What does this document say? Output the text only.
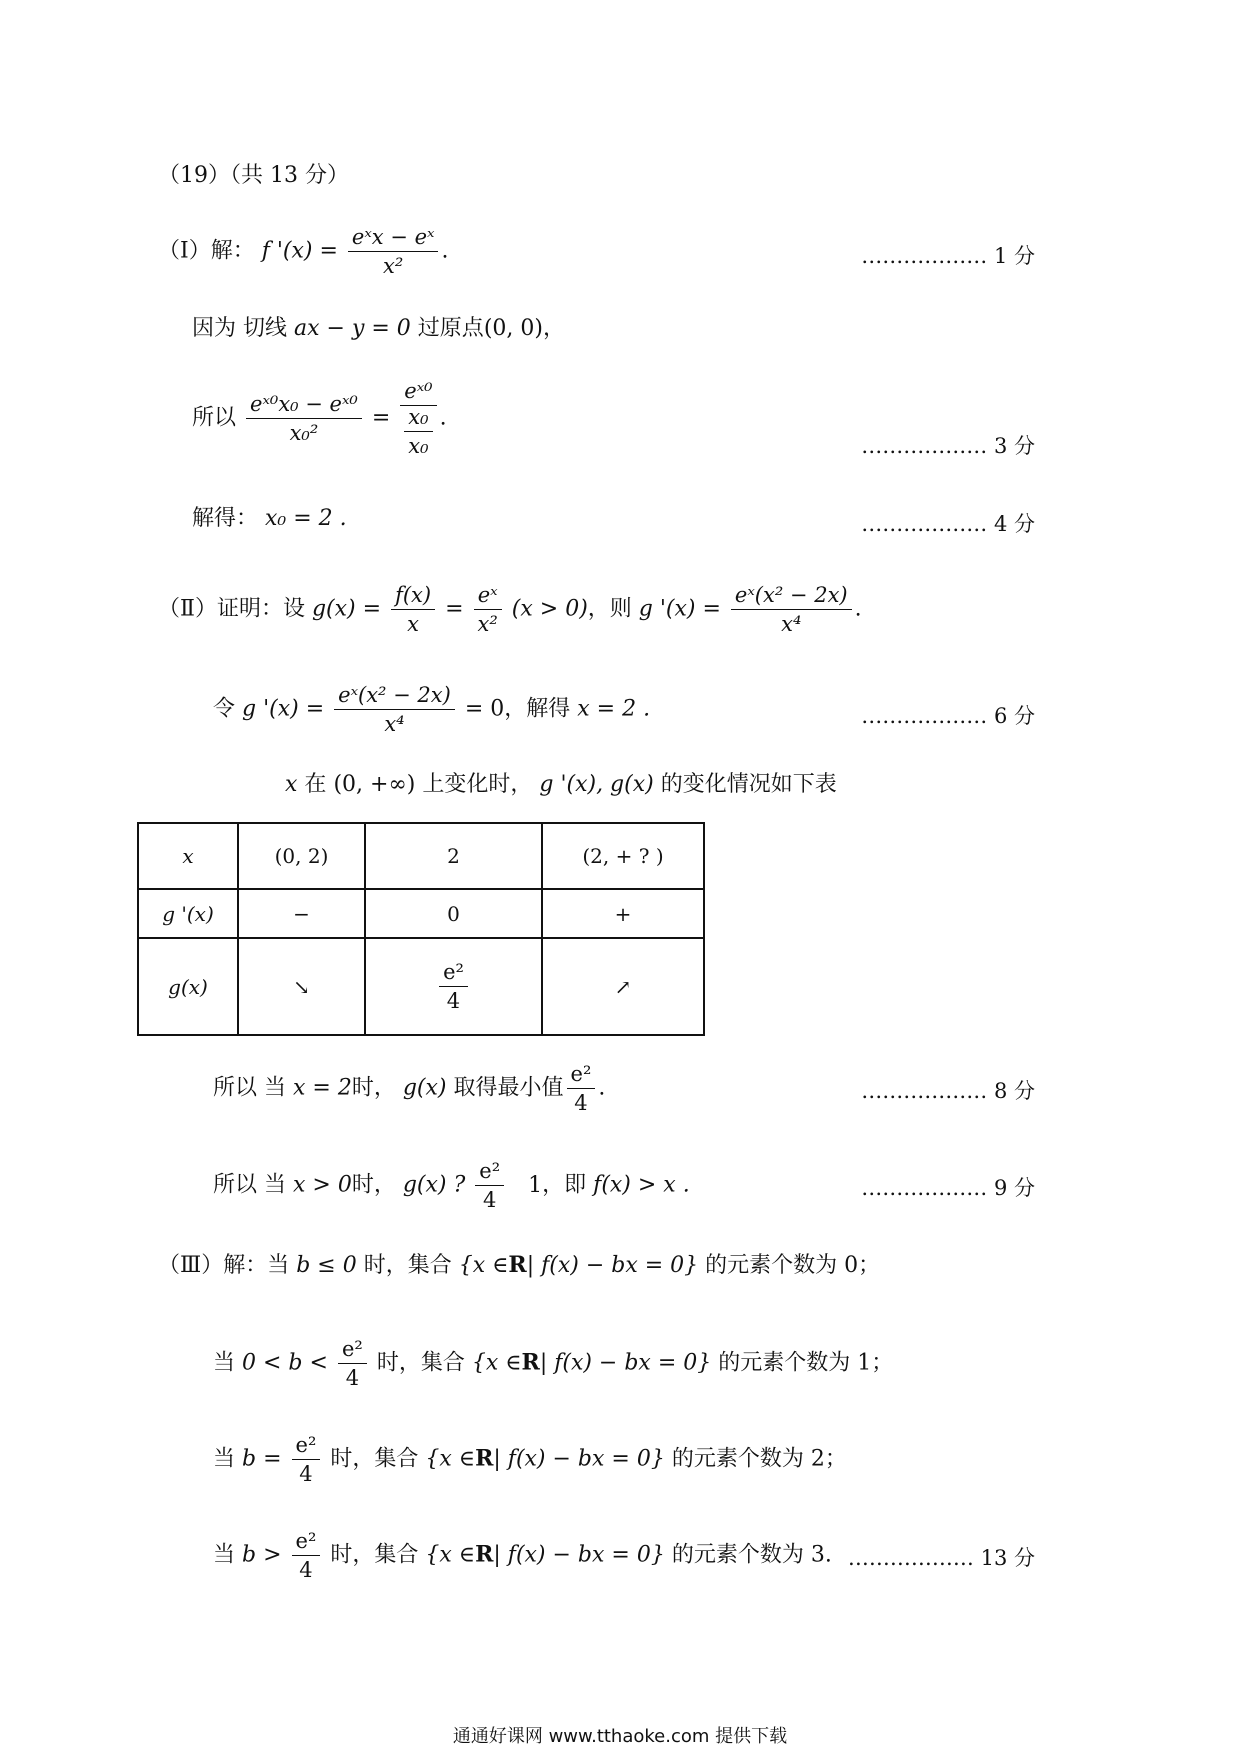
（19）（共 13 分）
（Ⅰ）解： f '$(x) = \frac{\text{eˣx − eˣ}}{\text{x²}}$ .	……………… 1 分
因为 切线 ax − y = 0 过原点(0, 0)，
所以 $\frac{\text{eˣ⁰x₀ − eˣ⁰}}{\text{x₀²}}$ =
eˣ⁰
x₀
x₀
.
……………… 3 分
解得： x₀ = 2 .	……………… 4 分
（Ⅱ）证明：设 $g(x) = \frac{f(x)}{x} = \frac{\text{eˣ}}{\text{x²}} (x > 0)$，则 g '$(x) = \frac{\text{eˣ(x² − 2x)}}{\text{x⁴}}$ .
令 g '$(x) = \frac{\text{eˣ(x² − 2x)}}{\text{x⁴}} = 0$，解得 x = 2 .	……………… 6 分
x 在 (0, +∞) 上变化时， g '(x), g(x) 的变化情况如下表
x	(0, 2)	2	(2, + ? )
g '(x)	−	0	+
g(x)	↘	$\frac{\text{e²}}{4}$	↗
所以 当 x = 2时， g(x) 取得最小值 $\frac{\text{e²}}{4}$ .	……………… 8 分
所以 当 x > 0时， g(x) ? $\frac{\text{e²}}{4} 1$，即 f(x) > x .	……………… 9 分
（Ⅲ）解：当 b ≤ 0 时，集合 {x ∈R| f(x) − bx = 0} 的元素个数为 0；
当 $0 < b < \frac{\text{e²}}{4}$ 时，集合 {x ∈R| f(x) − bx = 0} 的元素个数为 1；
当 $b = \frac{\text{e²}}{4}$ 时，集合 {x ∈R| f(x) − bx = 0} 的元素个数为 2；
当 $b > \frac{\text{e²}}{4}$ 时，集合 {x ∈R| f(x) − bx = 0} 的元素个数为 3. ……………… 13 分
通通好课网 www.tthaoke.com 提供下载
